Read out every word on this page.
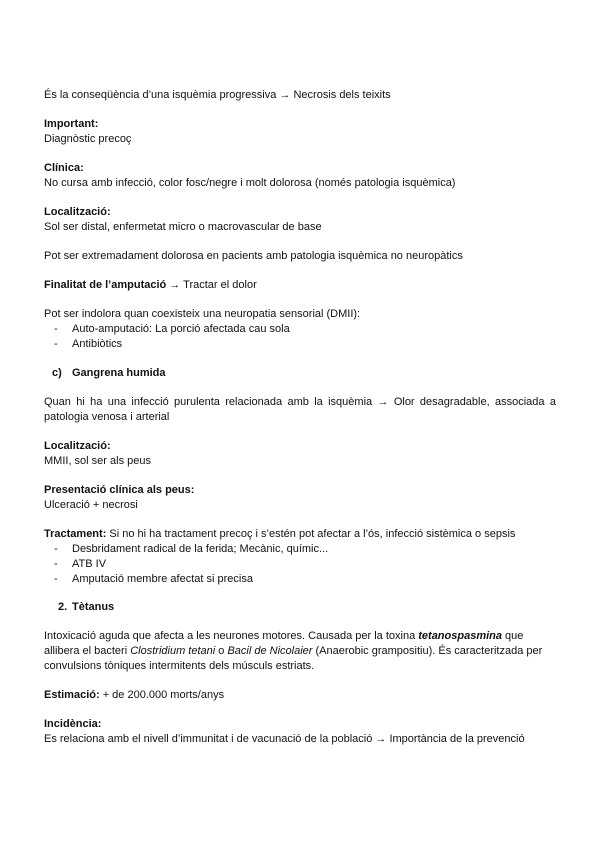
És la conseqüència d’una isquèmia progressiva → Necrosis dels teixits

Important:

Diagnòstic precoç

Clínica:

No cursa amb infecció, color fosc/negre i molt dolorosa (només patologia isquèmica)

Localització:

Sol ser distal, enfermetat micro o macrovascular de base

Pot ser extremadament dolorosa en pacients amb patologia isquèmica no neuropàtics

Finalitat de l’amputació → Tractar el dolor

Pot ser indolora quan coexisteix una neuropatia sensorial (DMII):

- Auto-amputació: La porció afectada cau sola
- Antibiòtics

c) Gangrena humida

Quan hi ha una infecció purulenta relacionada amb la isquèmia → Olor desagradable, associada a patologia venosa i arterial

Localització:

MMII, sol ser als peus

Presentació clínica als peus:

Ulceració + necrosi

Tractament: Si no hi ha tractament precoç i s’estén pot afectar a l’ós, infecció sistèmica o sepsis

- Desbridament radical de la ferida; Mecànic, químic...
- ATB IV
- Amputació membre afectat si precisa

2. Tètanus

Intoxicació aguda que afecta a les neurones motores. Causada per la toxina tetanospasmina que allibera el bacteri Clostridium tetani o Bacil de Nicolaier (Anaerobic grampositiu). És caracteritzada per convulsions tòniques intermitents dels músculs estriats.

Estimació: + de 200.000 morts/anys

Incidència:

Es relaciona amb el nivell d’immunitat i de vacunació de la població → Importància de la prevenció
